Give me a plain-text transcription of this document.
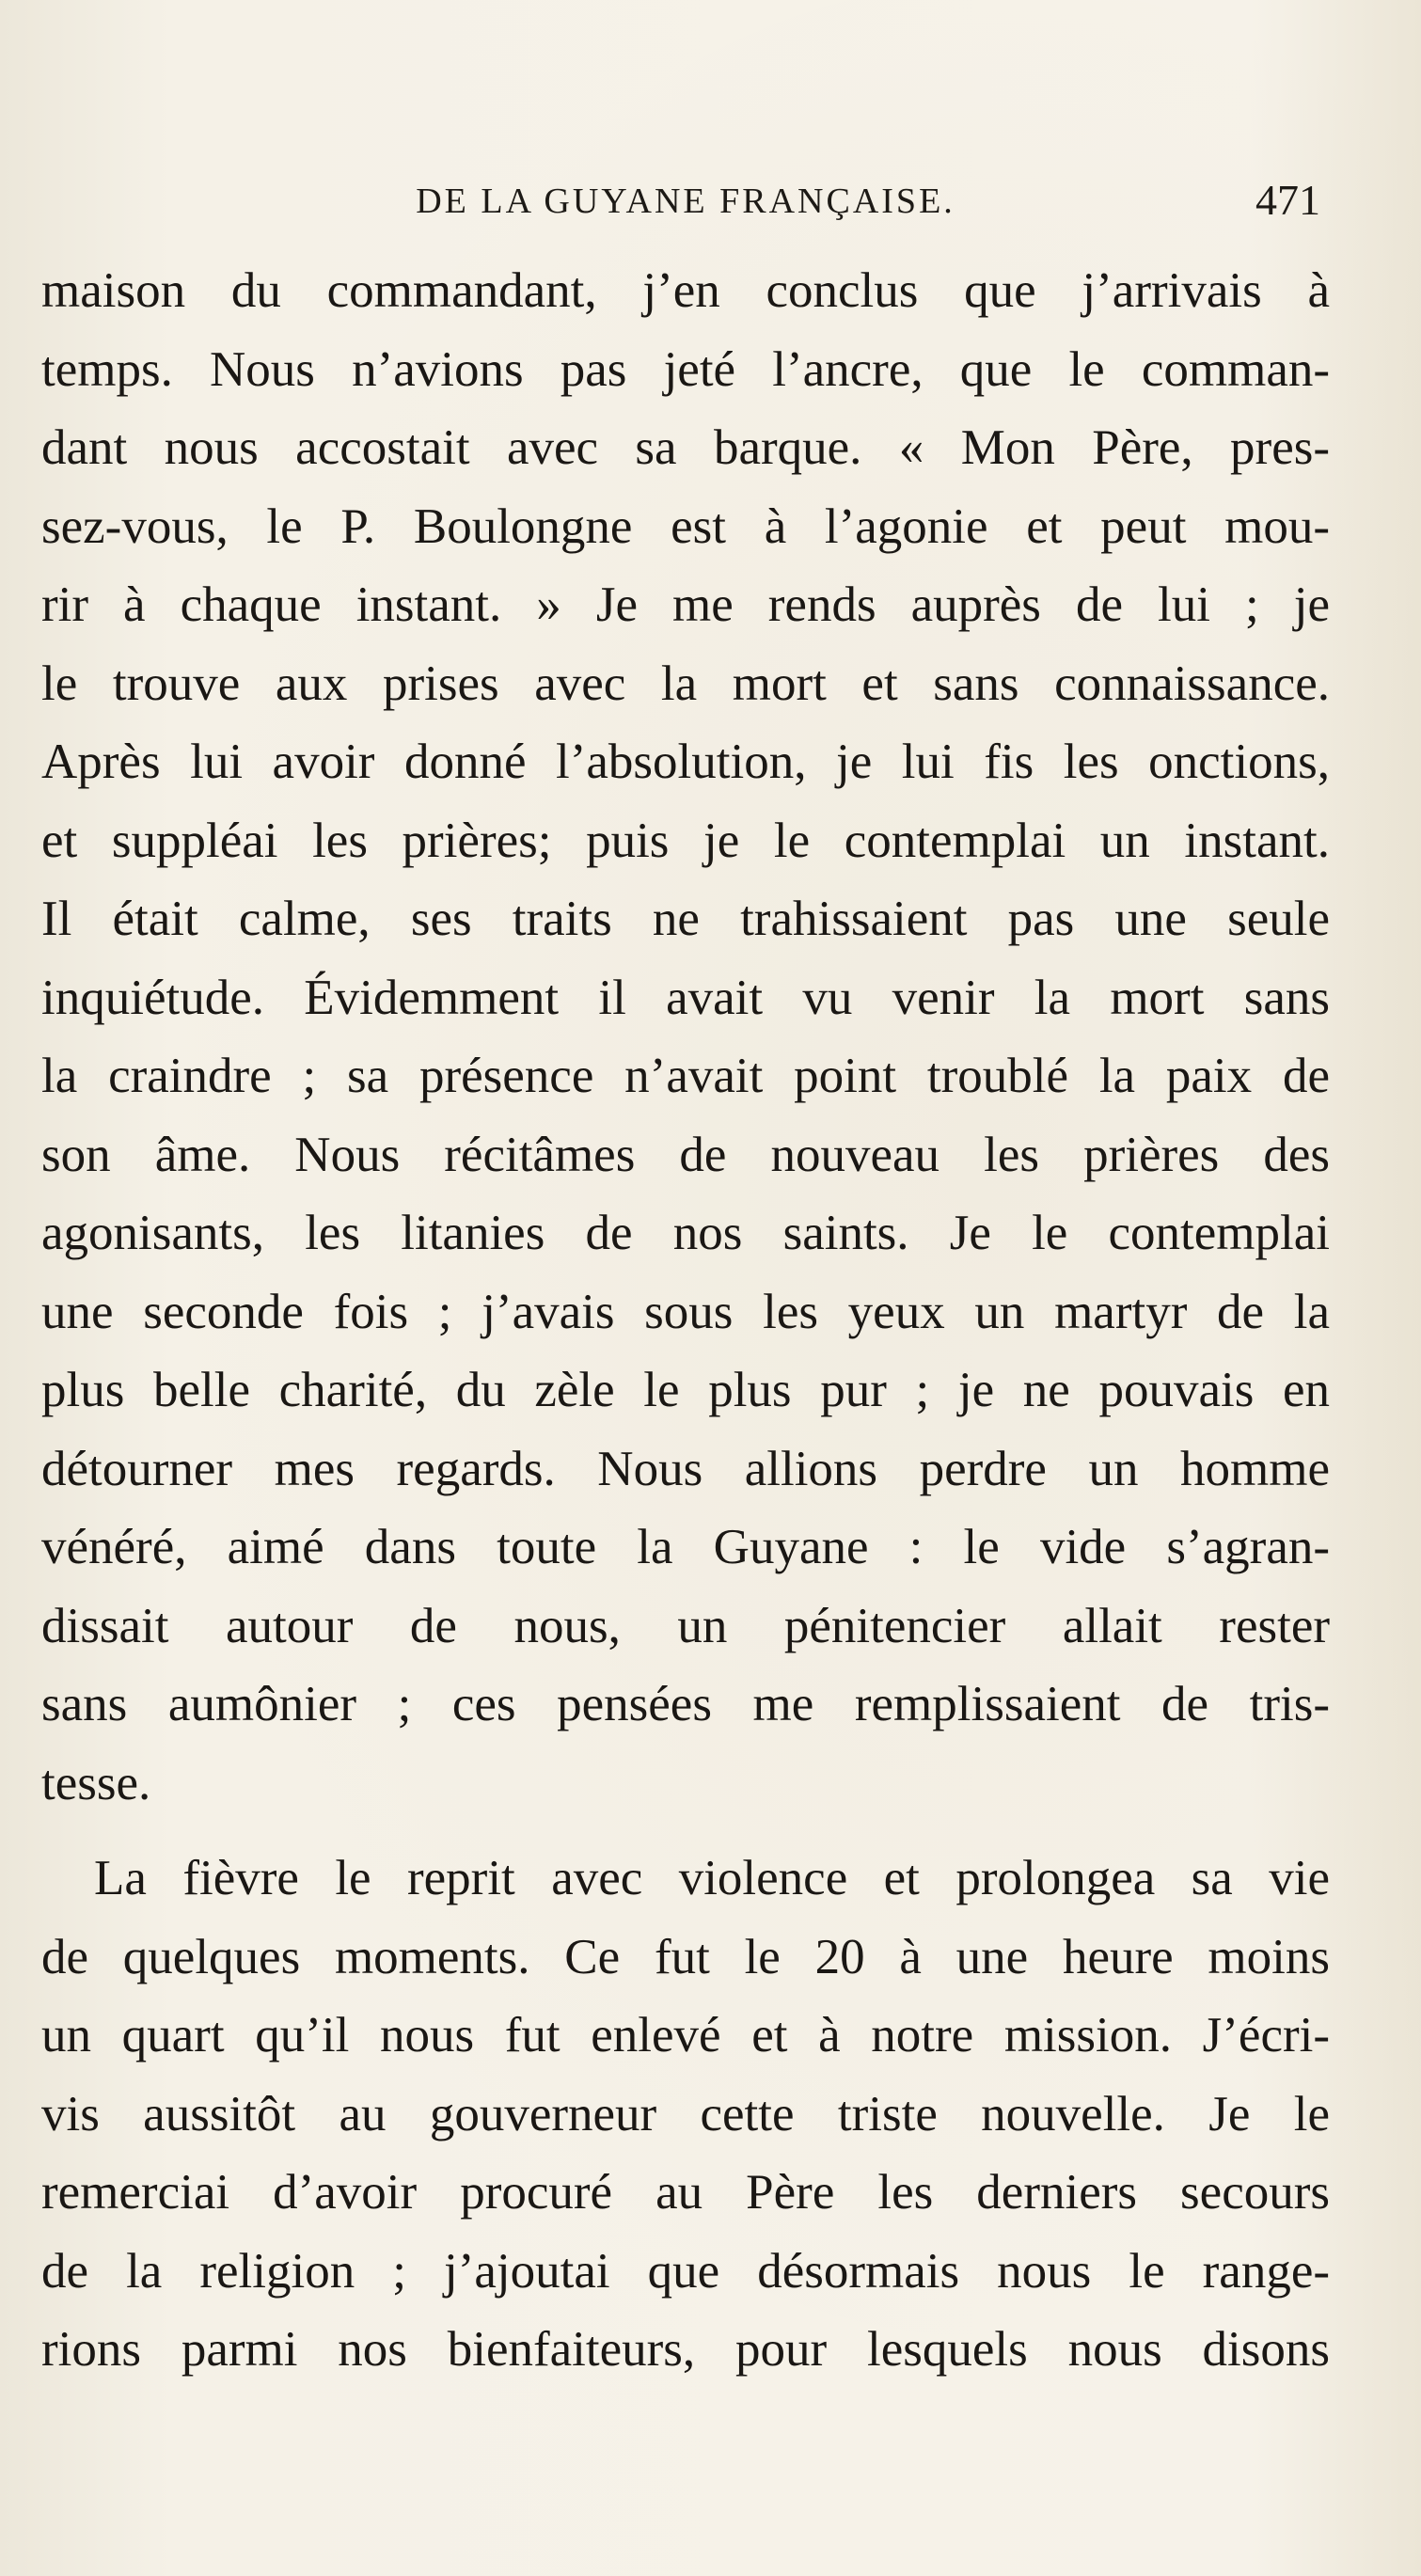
DE LA GUYANE FRANÇAISE.	471
maison du commandant, j’en conclus que j’arrivais à
temps. Nous n’avions pas jeté l’ancre, que le comman-
dant nous accostait avec sa barque. « Mon Père, pres-
sez-vous, le P. Boulongne est à l’agonie et peut mou-
rir à chaque instant. » Je me rends auprès de lui ; je
le trouve aux prises avec la mort et sans connaissance.
Après lui avoir donné l’absolution, je lui fis les onctions,
et suppléai les prières; puis je le contemplai un instant.
Il était calme, ses traits ne trahissaient pas une seule
inquiétude. Évidemment il avait vu venir la mort sans
la craindre ; sa présence n’avait point troublé la paix de
son âme. Nous récitâmes de nouveau les prières des
agonisants, les litanies de nos saints. Je le contemplai
une seconde fois ; j’avais sous les yeux un martyr de la
plus belle charité, du zèle le plus pur ; je ne pouvais en
détourner mes regards. Nous allions perdre un homme
vénéré, aimé dans toute la Guyane : le vide s’agran-
dissait autour de nous, un pénitencier allait rester
sans aumônier ; ces pensées me remplissaient de tris-
tesse.
La fièvre le reprit avec violence et prolongea sa vie
de quelques moments. Ce fut le 20 à une heure moins
un quart qu’il nous fut enlevé et à notre mission. J’écri-
vis aussitôt au gouverneur cette triste nouvelle. Je le
remerciai d’avoir procuré au Père les derniers secours
de la religion ; j’ajoutai que désormais nous le range-
rions parmi nos bienfaiteurs, pour lesquels nous disons
